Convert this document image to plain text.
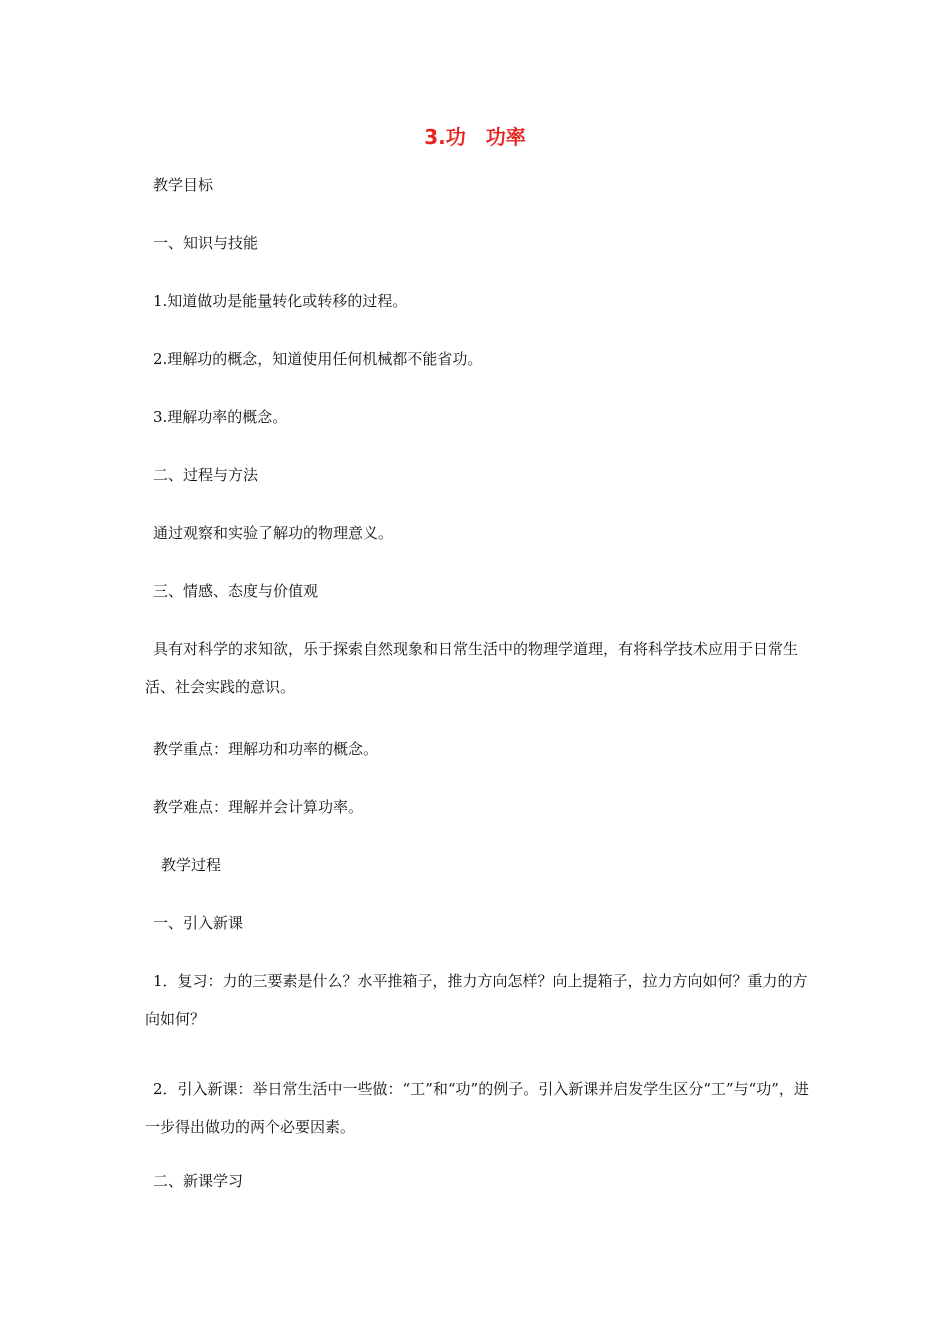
3.功　功率
教学目标
一、知识与技能
1.知道做功是能量转化或转移的过程。
2.理解功的概念，知道使用任何机械都不能省功。
3.理解功率的概念。
二、过程与方法
通过观察和实验了解功的物理意义。
三、情感、态度与价值观
具有对科学的求知欲，乐于探索自然现象和日常生活中的物理学道理，有将科学技术应用于日常生活、社会实践的意识。
教学重点：理解功和功率的概念。
教学难点：理解并会计算功率。
教学过程
一、引入新课
1．复习：力的三要素是什么？水平推箱子，推力方向怎样？向上提箱子，拉力方向如何？重力的方向如何？
2．引入新课：举日常生活中一些做：“工”和“功”的例子。引入新课并启发学生区分“工”与“功”，进一步得出做功的两个必要因素。
二、新课学习
